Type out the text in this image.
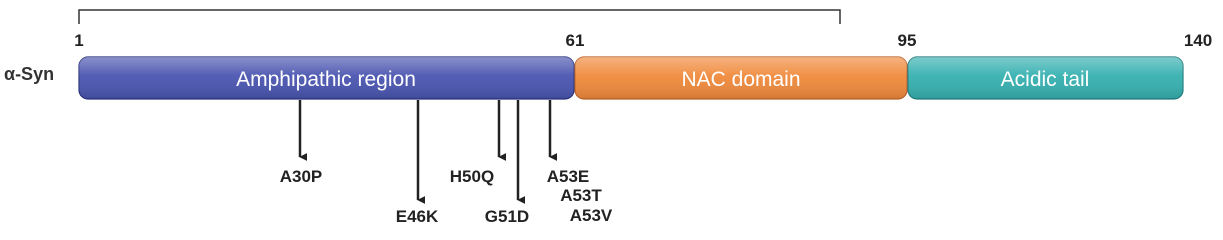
α-Syn
1	61	95	140
Amphipathic region	NAC domain	Acidic tail
A30P
E46K
H50Q
G51D
A53E
A53T
A53V
